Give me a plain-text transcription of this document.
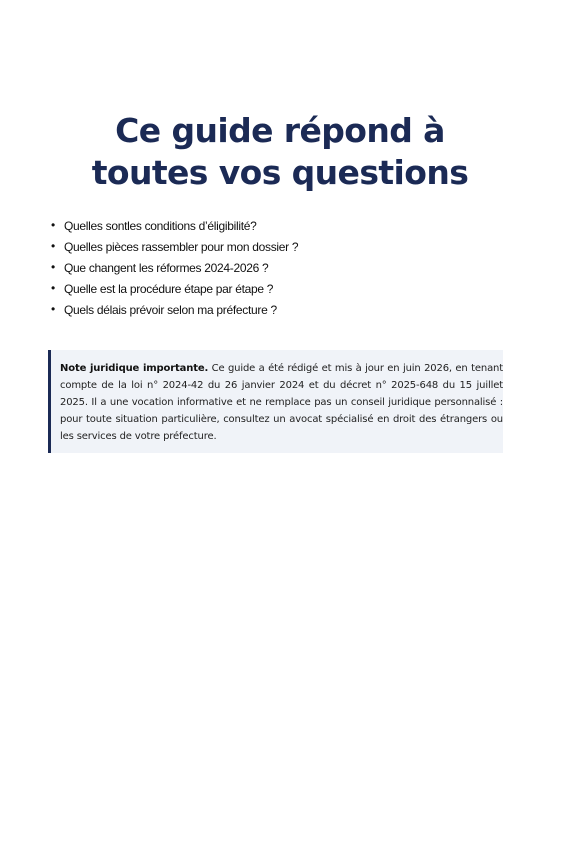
Ce guide répond à
toutes vos questions
• Quelles sontles conditions d’éligibilité?
• Quelles pièces rassembler pour mon dossier ?
• Que changent les réformes 2024-2026 ?
• Quelle est la procédure étape par étape ?
• Quels délais prévoir selon ma préfecture ?
Note juridique importante. Ce guide a été rédigé et mis à jour en juin 2026, en tenant compte de la loi n° 2024-42 du 26 janvier 2024 et du décret n° 2025-648 du 15 juillet 2025. Il a une vocation informative et ne remplace pas un conseil juridique personnalisé : pour toute situation particulière, consultez un avocat spécialisé en droit des étrangers ou les services de votre préfecture.
